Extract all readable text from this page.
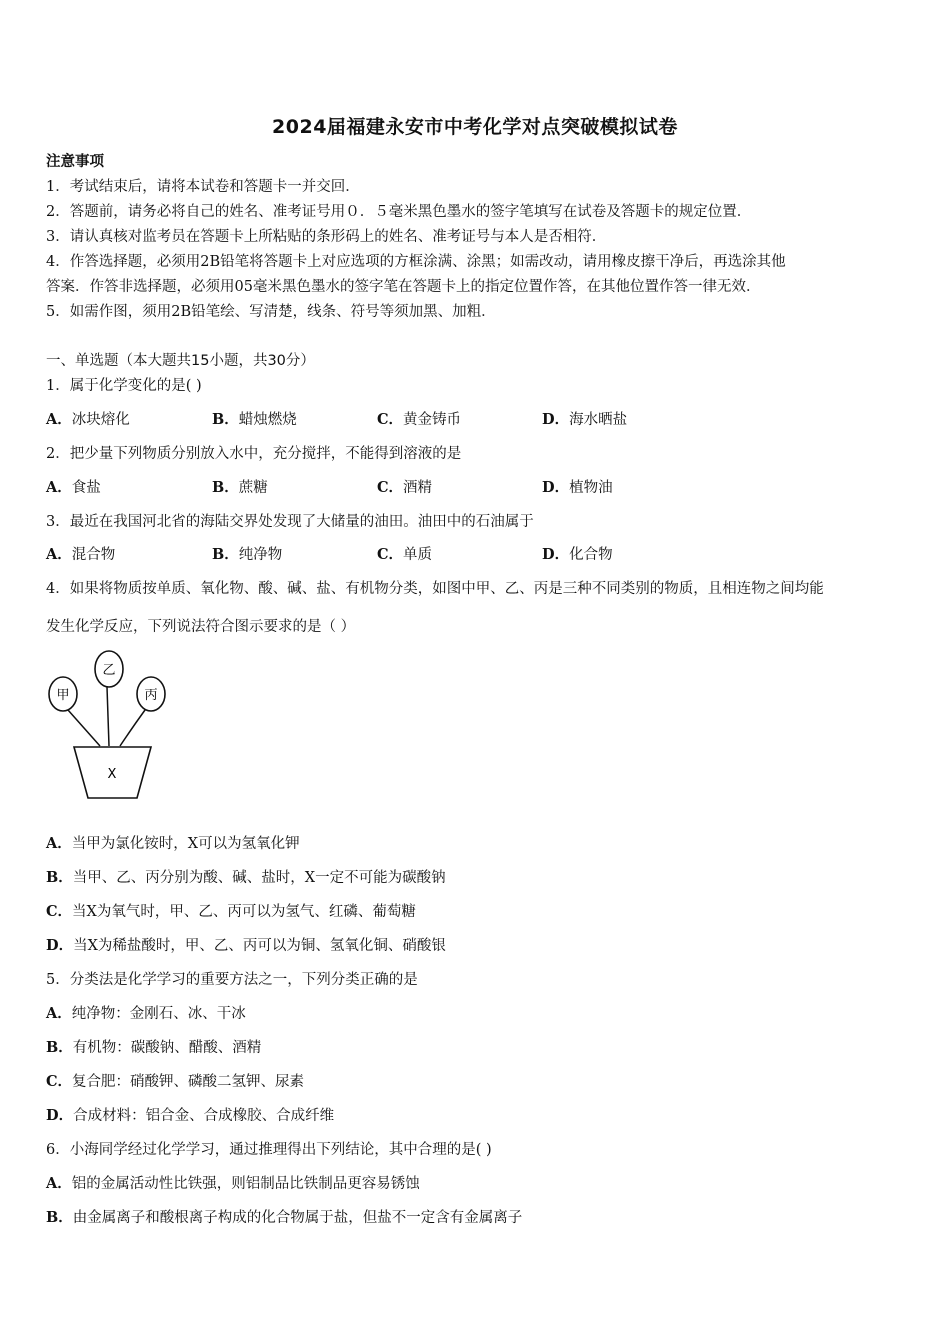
2024届福建永安市中考化学对点突破模拟试卷
注意事项
1．考试结束后，请将本试卷和答题卡一并交回．
2．答题前，请务必将自己的姓名、准考证号用０．５毫米黑色墨水的签字笔填写在试卷及答题卡的规定位置．
3．请认真核对监考员在答题卡上所粘贴的条形码上的姓名、准考证号与本人是否相符．
4．作答选择题，必须用2B铅笔将答题卡上对应选项的方框涂满、涂黑；如需改动，请用橡皮擦干净后，再选涂其他
答案．作答非选择题，必须用05毫米黑色墨水的签字笔在答题卡上的指定位置作答，在其他位置作答一律无效．
5．如需作图，须用2B铅笔绘、写清楚，线条、符号等须加黑、加粗．
一、单选题（本大题共15小题，共30分）
1．属于化学变化的是( )
A．冰块熔化	B．蜡烛燃烧	C．黄金铸币	D．海水晒盐
2．把少量下列物质分别放入水中，充分搅拌，不能得到溶液的是
A．食盐	B．蔗糖	C．酒精	D．植物油
3．最近在我国河北省的海陆交界处发现了大储量的油田。油田中的石油属于
A．混合物	B．纯净物	C．单质	D．化合物
4．如果将物质按单质、氧化物、酸、碱、盐、有机物分类，如图中甲、乙、丙是三种不同类别的物质，且相连物之间均能
发生化学反应，下列说法符合图示要求的是（ ）
甲
乙
丙
X
A．当甲为氯化铵时，X可以为氢氧化钾
B．当甲、乙、丙分别为酸、碱、盐时，X一定不可能为碳酸钠
C．当X为氧气时，甲、乙、丙可以为氢气、红磷、葡萄糖
D．当X为稀盐酸时，甲、乙、丙可以为铜、氢氧化铜、硝酸银
5．分类法是化学学习的重要方法之一，下列分类正确的是
A．纯净物：金刚石、冰、干冰
B．有机物：碳酸钠、醋酸、酒精
C．复合肥：硝酸钾、磷酸二氢钾、尿素
D．合成材料：铝合金、合成橡胶、合成纤维
6．小海同学经过化学学习，通过推理得出下列结论，其中合理的是( )
A．铝的金属活动性比铁强，则铝制品比铁制品更容易锈蚀
B．由金属离子和酸根离子构成的化合物属于盐，但盐不一定含有金属离子
